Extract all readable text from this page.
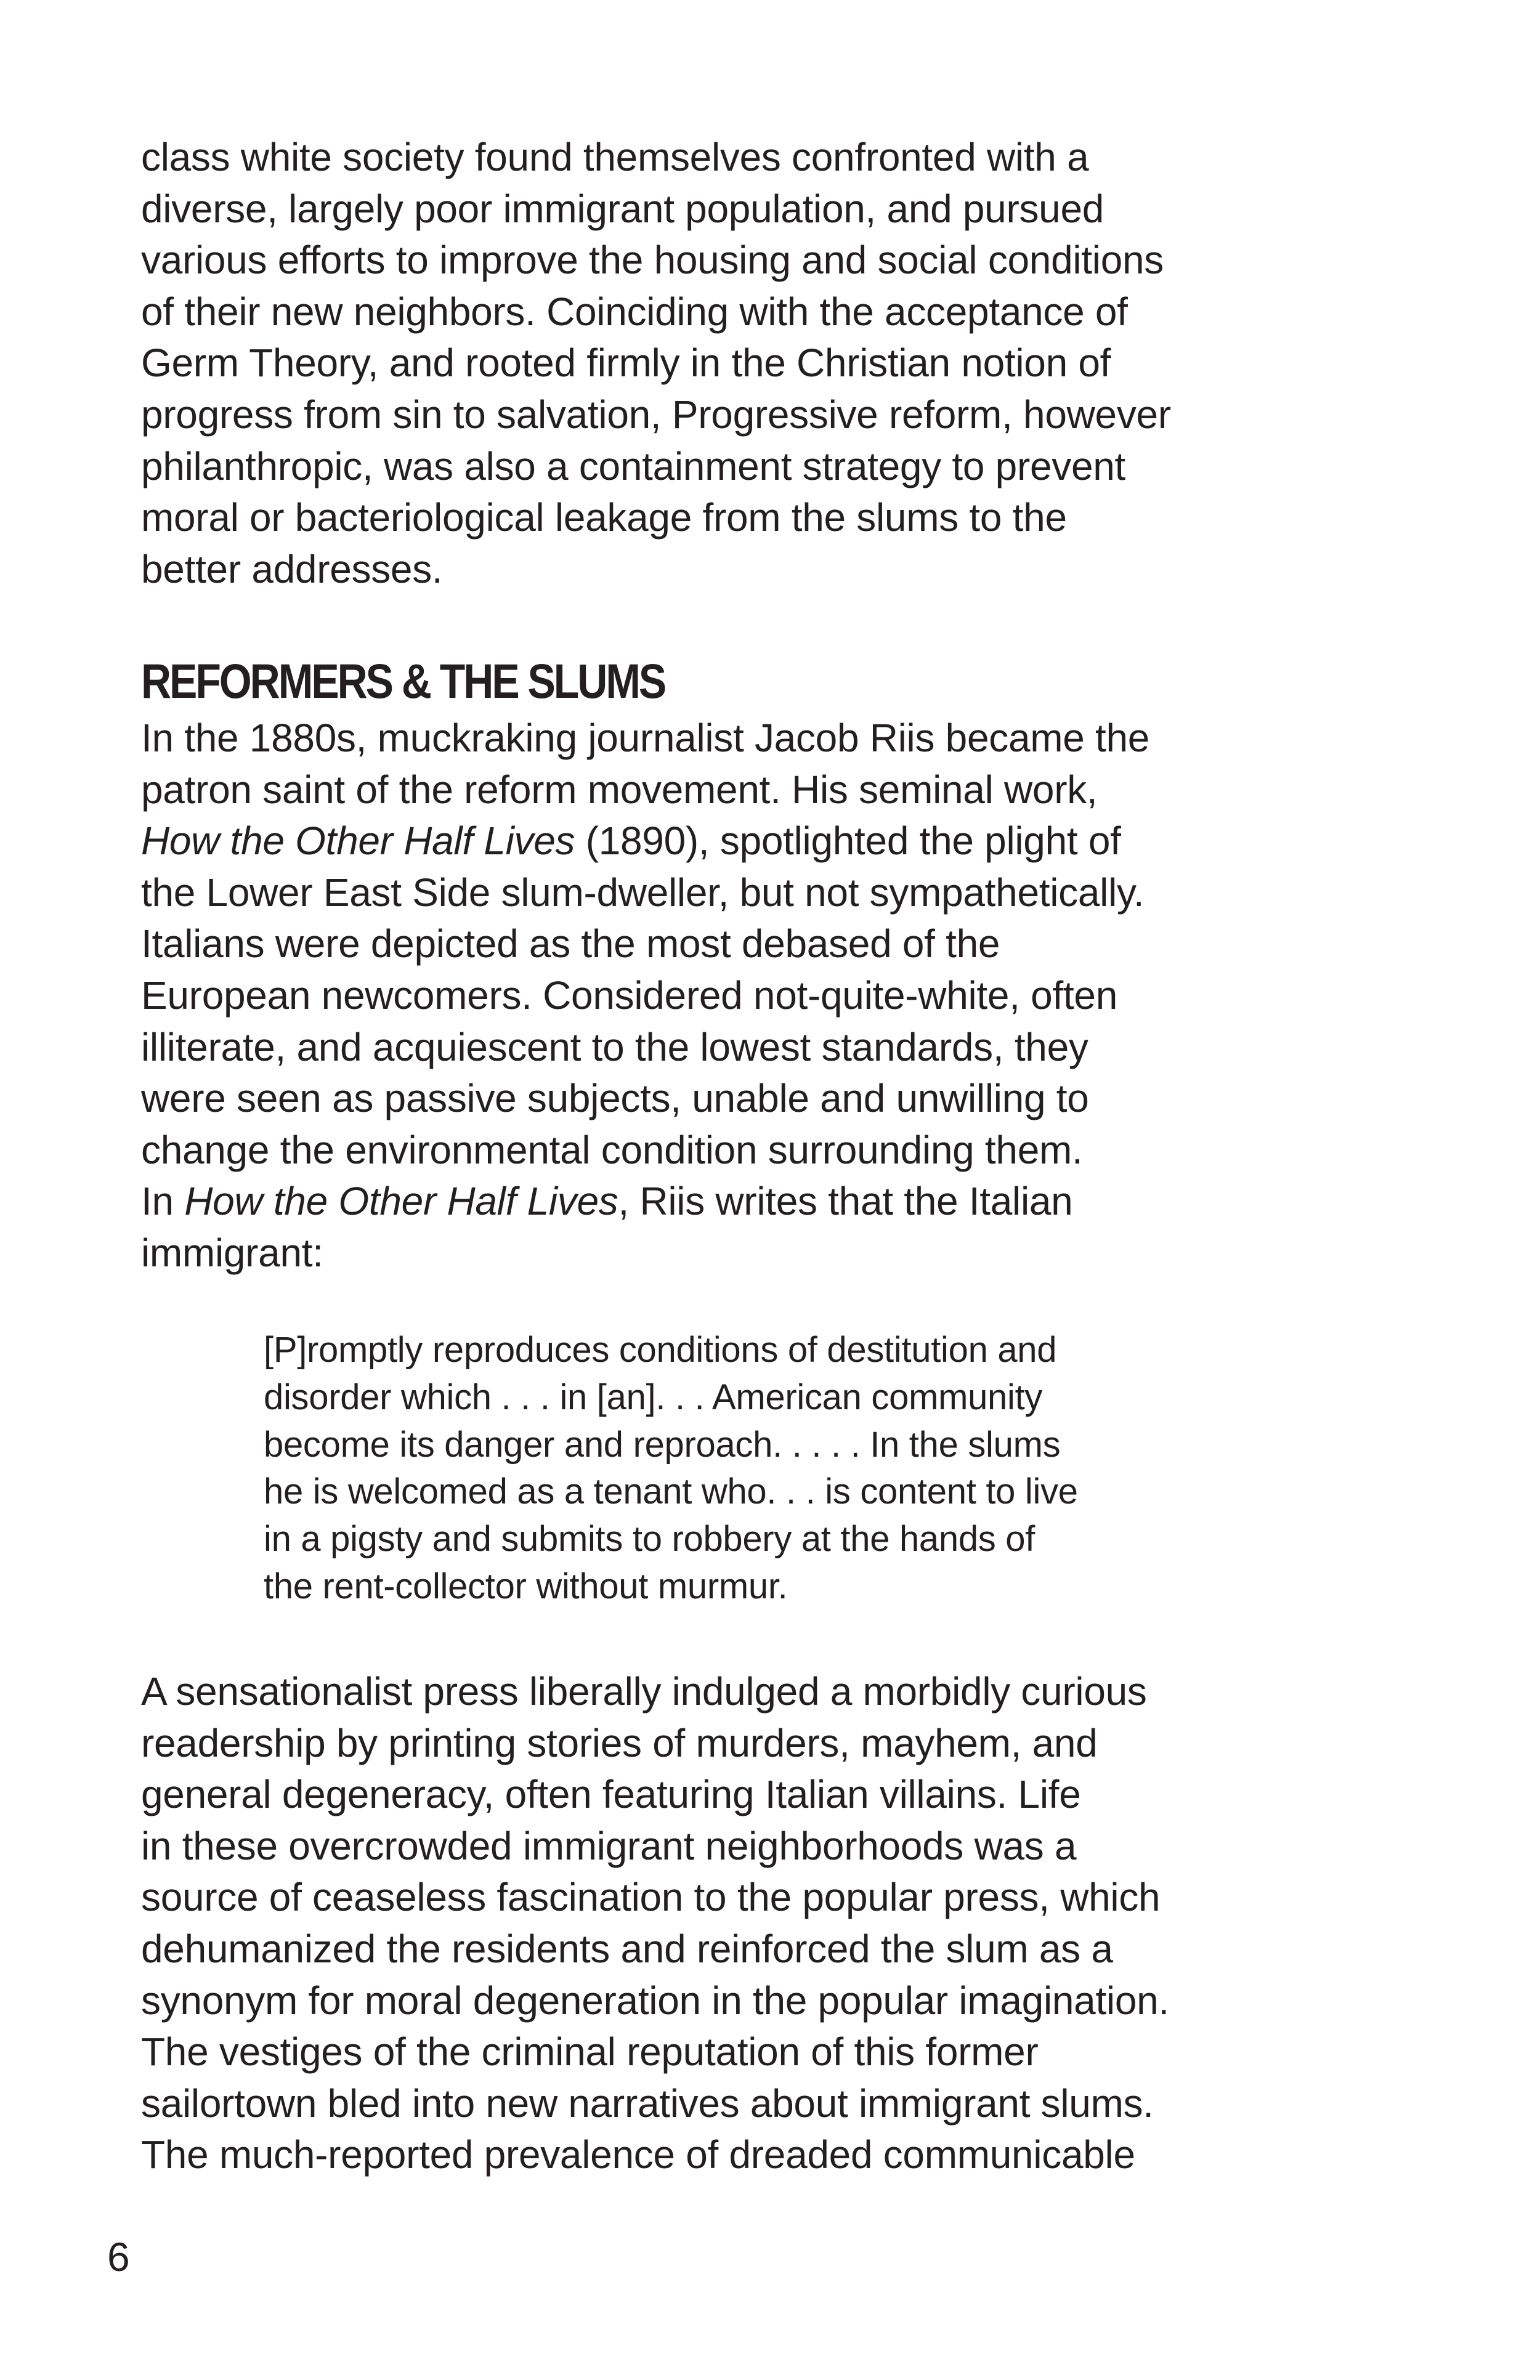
class white society found themselves confronted with a
diverse, largely poor immigrant population, and pursued
various efforts to improve the housing and social conditions
of their new neighbors. Coinciding with the acceptance of
Germ Theory, and rooted firmly in the Christian notion of
progress from sin to salvation, Progressive reform, however
philanthropic, was also a containment strategy to prevent
moral or bacteriological leakage from the slums to the
better addresses.
REFORMERS & THE SLUMS
In the 1880s, muckraking journalist Jacob Riis became the
patron saint of the reform movement. His seminal work,
How the Other Half Lives (1890), spotlighted the plight of
the Lower East Side slum-dweller, but not sympathetically.
Italians were depicted as the most debased of the
European newcomers. Considered not-quite-white, often
illiterate, and acquiescent to the lowest standards, they
were seen as passive subjects, unable and unwilling to
change the environmental condition surrounding them.
In How the Other Half Lives, Riis writes that the Italian
immigrant:
[P]romptly reproduces conditions of destitution and
disorder which . . . in [an]. . . American community
become its danger and reproach. . . . . In the slums
he is welcomed as a tenant who. . . is content to live
in a pigsty and submits to robbery at the hands of
the rent-collector without murmur.
A sensationalist press liberally indulged a morbidly curious
readership by printing stories of murders, mayhem, and
general degeneracy, often featuring Italian villains. Life
in these overcrowded immigrant neighborhoods was a
source of ceaseless fascination to the popular press, which
dehumanized the residents and reinforced the slum as a
synonym for moral degeneration in the popular imagination.
The vestiges of the criminal reputation of this former
sailortown bled into new narratives about immigrant slums.
The much-reported prevalence of dreaded communicable
6
